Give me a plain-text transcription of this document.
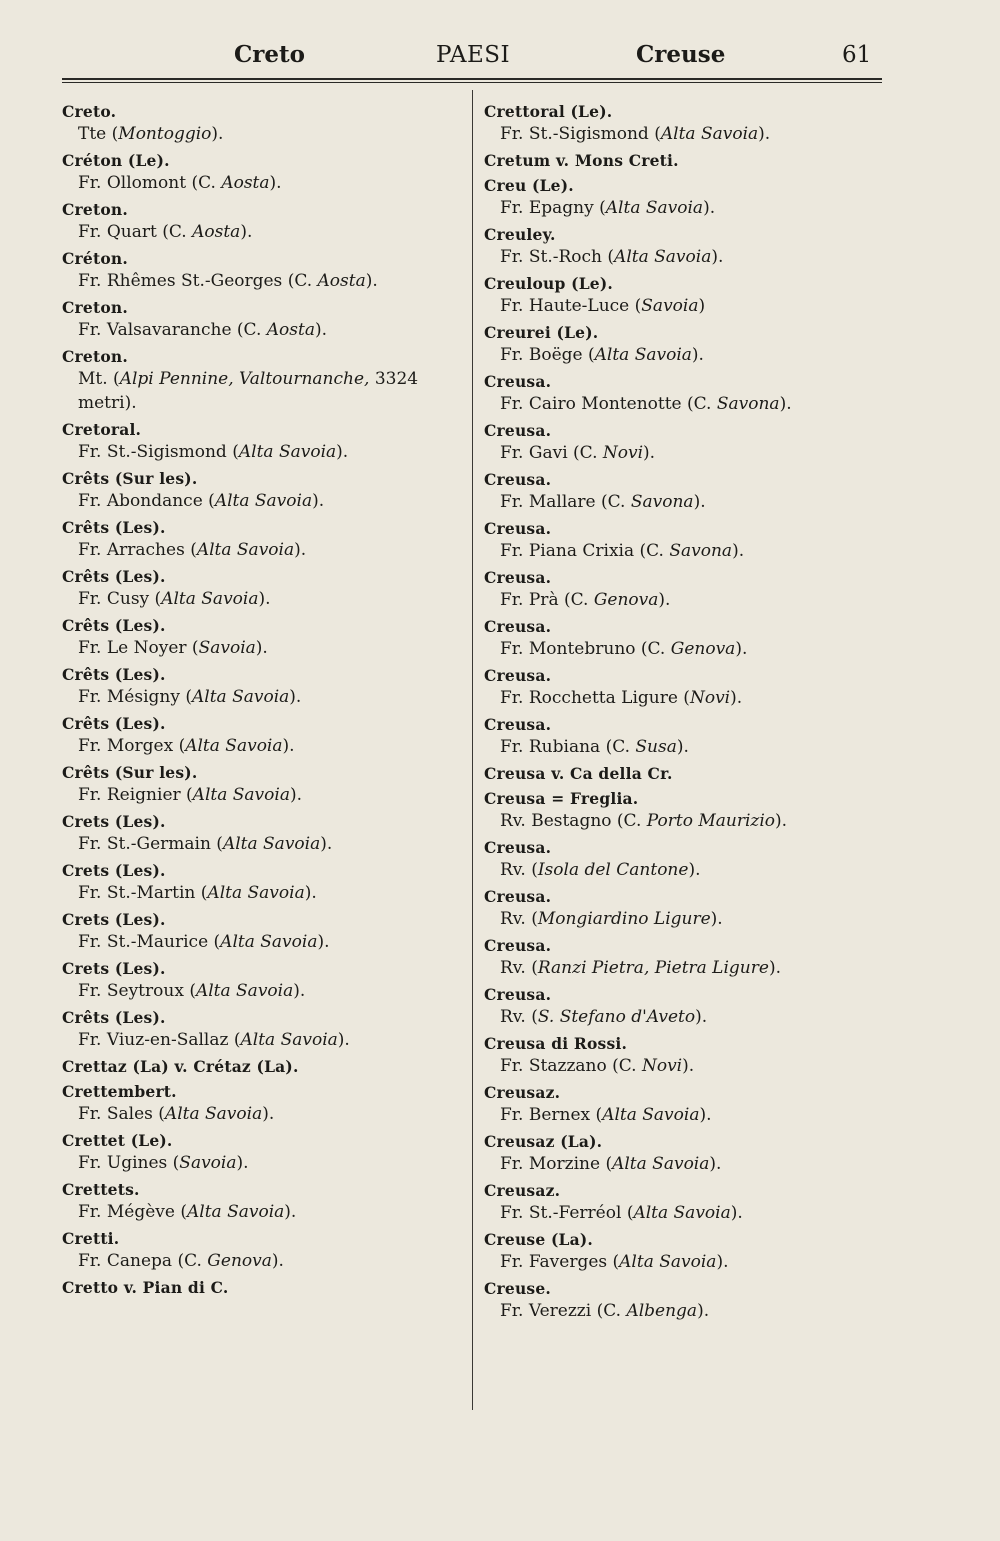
Creto	PAESI	Creuse	61
Creto.
Tte (Montoggio).
Créton (Le).
Fr. Ollomont (C. Aosta).
Creton.
Fr. Quart (C. Aosta).
Créton.
Fr. Rhêmes St.-Georges (C. Aosta).
Creton.
Fr. Valsavaranche (C. Aosta).
Creton.
Mt. (Alpi Pennine, Valtournanche, 3324 metri).
Cretoral.
Fr. St.-Sigismond (Alta Savoia).
Crêts (Sur les).
Fr. Abondance (Alta Savoia).
Crêts (Les).
Fr. Arraches (Alta Savoia).
Crêts (Les).
Fr. Cusy (Alta Savoia).
Crêts (Les).
Fr. Le Noyer (Savoia).
Crêts (Les).
Fr. Mésigny (Alta Savoia).
Crêts (Les).
Fr. Morgex (Alta Savoia).
Crêts (Sur les).
Fr. Reignier (Alta Savoia).
Crets (Les).
Fr. St.-Germain (Alta Savoia).
Crets (Les).
Fr. St.-Martin (Alta Savoia).
Crets (Les).
Fr. St.-Maurice (Alta Savoia).
Crets (Les).
Fr. Seytroux (Alta Savoia).
Crêts (Les).
Fr. Viuz-en-Sallaz (Alta Savoia).
Crettaz (La) v. Crétaz (La).
Crettembert.
Fr. Sales (Alta Savoia).
Crettet (Le).
Fr. Ugines (Savoia).
Crettets.
Fr. Mégève (Alta Savoia).
Cretti.
Fr. Canepa (C. Genova).
Cretto v. Pian di C.
Crettoral (Le).
Fr. St.-Sigismond (Alta Savoia).
Cretum v. Mons Creti.
Creu (Le).
Fr. Epagny (Alta Savoia).
Creuley.
Fr. St.-Roch (Alta Savoia).
Creuloup (Le).
Fr. Haute-Luce (Savoia)
Creurei (Le).
Fr. Boëge (Alta Savoia).
Creusa.
Fr. Cairo Montenotte (C. Savona).
Creusa.
Fr. Gavi (C. Novi).
Creusa.
Fr. Mallare (C. Savona).
Creusa.
Fr. Piana Crixia (C. Savona).
Creusa.
Fr. Prà (C. Genova).
Creusa.
Fr. Montebruno (C. Genova).
Creusa.
Fr. Rocchetta Ligure (Novi).
Creusa.
Fr. Rubiana (C. Susa).
Creusa v. Ca della Cr.
Creusa = Freglia.
Rv. Bestagno (C. Porto Maurizio).
Creusa.
Rv. (Isola del Cantone).
Creusa.
Rv. (Mongiardino Ligure).
Creusa.
Rv. (Ranzi Pietra, Pietra Ligure).
Creusa.
Rv. (S. Stefano d'Aveto).
Creusa di Rossi.
Fr. Stazzano (C. Novi).
Creusaz.
Fr. Bernex (Alta Savoia).
Creusaz (La).
Fr. Morzine (Alta Savoia).
Creusaz.
Fr. St.-Ferréol (Alta Savoia).
Creuse (La).
Fr. Faverges (Alta Savoia).
Creuse.
Fr. Verezzi (C. Albenga).
